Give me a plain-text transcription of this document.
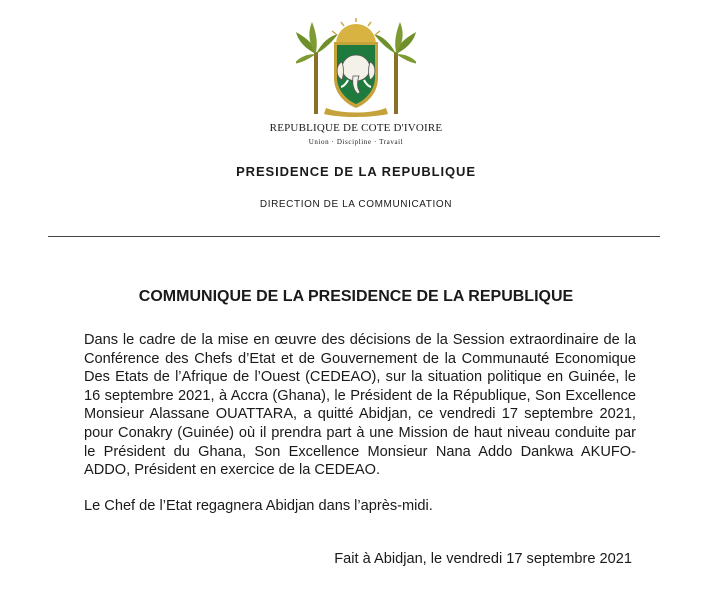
REPUBLIQUE DE COTE D'IVOIRE
Union · Discipline · Travail
PRESIDENCE DE LA REPUBLIQUE
DIRECTION DE LA COMMUNICATION
COMMUNIQUE DE LA PRESIDENCE DE LA REPUBLIQUE

Dans le cadre de la mise en œuvre des décisions de la Session extraordinaire de la Conférence des Chefs d’Etat et de Gouvernement de la Communauté Economique Des Etats de l’Afrique de l’Ouest (CEDEAO), sur la situation politique en Guinée, le 16 septembre 2021, à Accra (Ghana), le Président de la République, Son Excellence Monsieur Alassane OUATTARA, a quitté Abidjan, ce vendredi 17 septembre 2021, pour Conakry (Guinée) où il prendra part à une Mission de haut niveau conduite par le Président du Ghana, Son Excellence Monsieur Nana Addo Dankwa AKUFO-ADDO, Président en exercice de la CEDEAO.

Le Chef de l’Etat regagnera Abidjan dans l’après-midi.

Fait à Abidjan, le vendredi 17 septembre 2021
